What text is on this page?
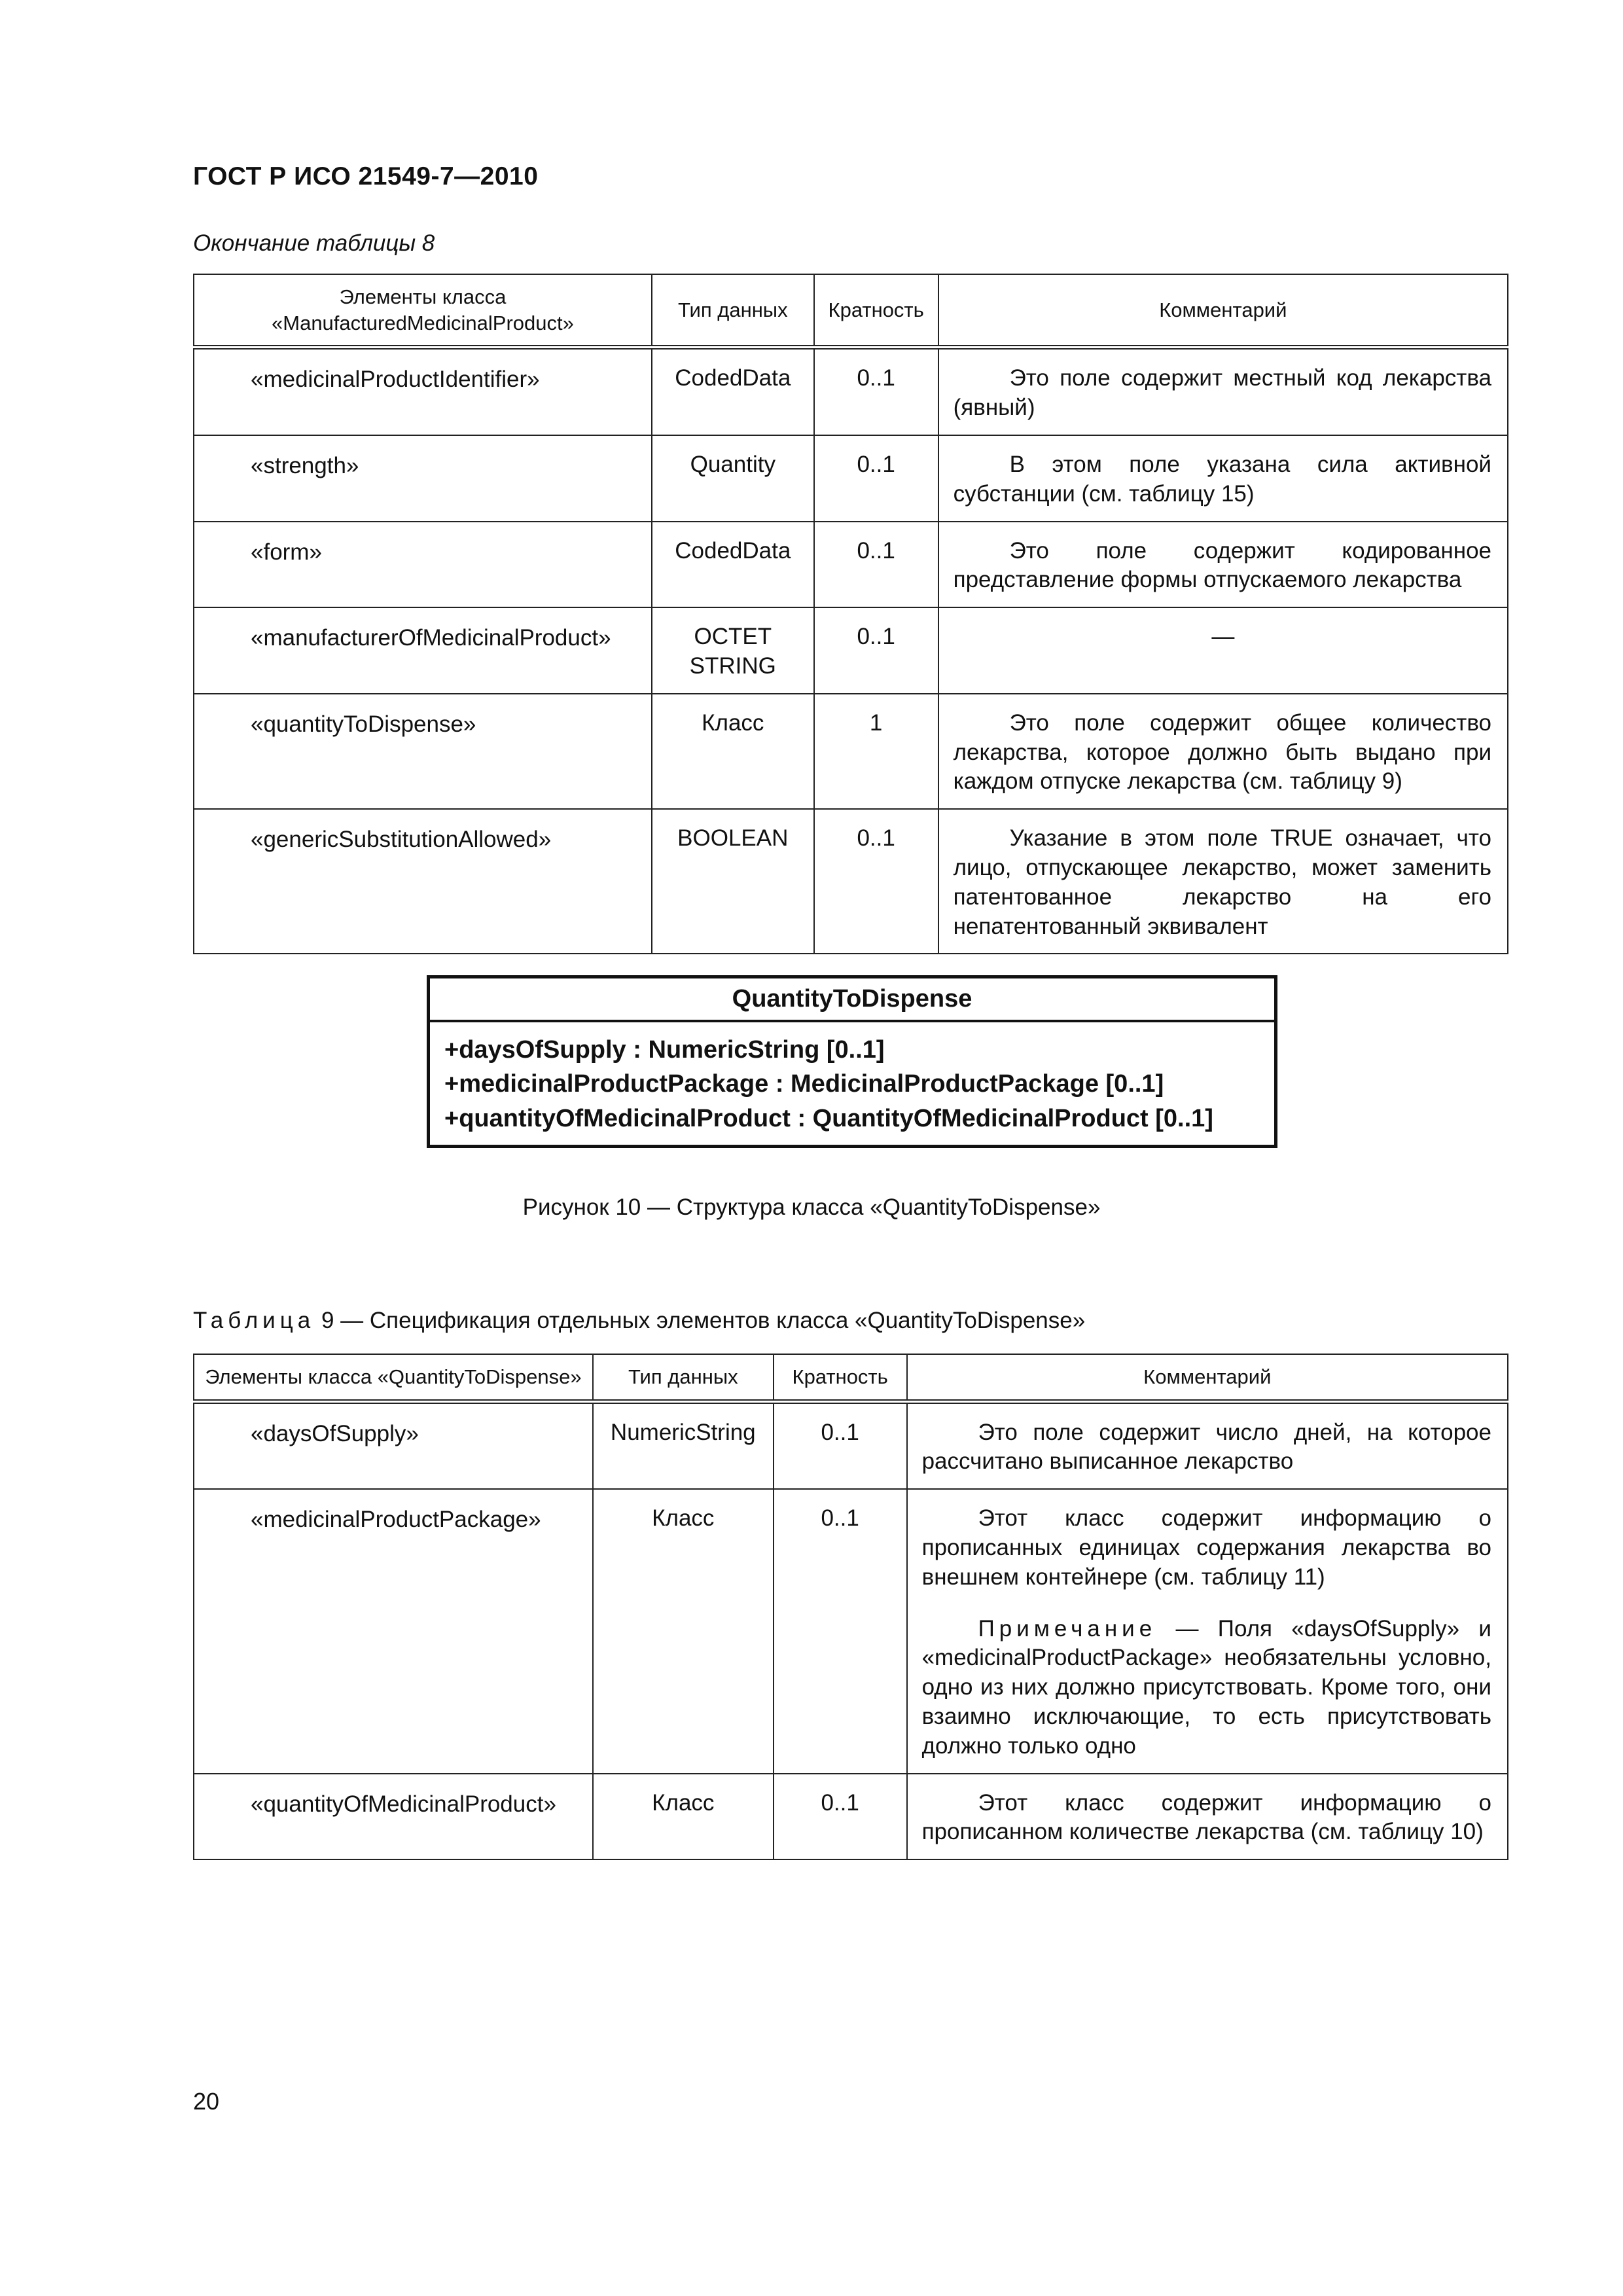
ГОСТ Р ИСО 21549-7—2010
Окончание таблицы 8
Элементы класса «ManufacturedMedicinalProduct»	Тип данных	Кратность	Комментарий
«medicinalProductIdentifier»	CodedData	0..1	Это поле содержит местный код лекарства (явный)

«strength»	Quantity	0..1	В этом поле указана сила активной субстанции (см. таблицу 15)

«form»	CodedData	0..1	Это поле содержит кодированное представление формы отпускаемого лекарства

«manufacturerOfMedicinalProduct»	OCTET STRING	0..1	—
«quantityToDispense»	Класс	1	Это поле содержит общее количество лекарства, которое должно быть выдано при каждом отпуске лекарства (см. таблицу 9)

«genericSubstitutionAllowed»	BOOLEAN	0..1	Указание в этом поле TRUE означает, что лицо, отпускающее лекарство, может заменить патентованное лекарство на его непатентованный эквивалент

QuantityToDispense
+daysOfSupply : NumericString [0..1]
+medicinalProductPackage : MedicinalProductPackage [0..1]
+quantityOfMedicinalProduct : QuantityOfMedicinalProduct [0..1]
Рисунок 10 — Структура класса «QuantityToDispense»
Таблица 9 — Спецификация отдельных элементов класса «QuantityToDispense»
Элементы класса «QuantityToDispense»	Тип данных	Кратность	Комментарий
«daysOfSupply»	NumericString	0..1	Это поле содержит число дней, на которое рассчитано выписанное лекарство

«medicinalProductPackage»	Класс	0..1	Этот класс содержит информацию о прописанных единицах содержания лекарства во внешнем контейнере (см. таблицу 11)

Примечание — Поля «daysOfSupply» и «medicinalProductPackage» необязательны условно, одно из них должно присутствовать. Кроме того, они взаимно исключающие, то есть присутствовать должно только одно

«quantityOfMedicinalProduct»	Класс	0..1	Этот класс содержит информацию о прописанном количестве лекарства (см. таблицу 10)

20
